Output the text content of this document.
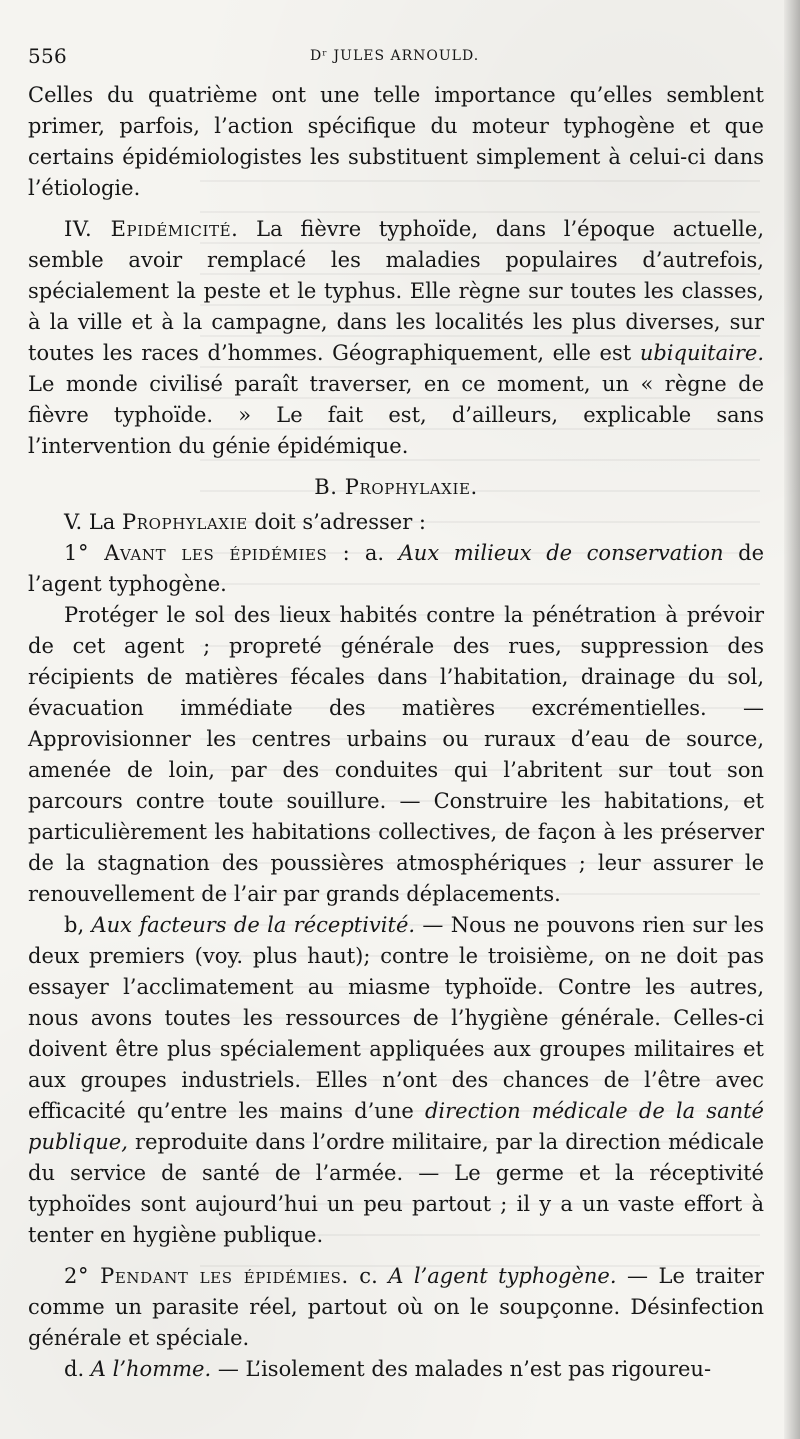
556	Dʳ JULES ARNOULD.

Celles du quatrième ont une telle importance qu’elles semblent primer, parfois, l’action spécifique du moteur typhogène et que certains épidémiologistes les substituent simplement à celui-ci dans l’étiologie.

IV. Epidémicité. La fièvre typhoïde, dans l’époque actuelle, semble avoir remplacé les maladies populaires d’autrefois, spécialement la peste et le typhus. Elle règne sur toutes les classes, à la ville et à la campagne, dans les localités les plus diverses, sur toutes les races d’hommes. Géographiquement, elle est ubiquitaire. Le monde civilisé paraît traverser, en ce moment, un « règne de fièvre typhoïde. » Le fait est, d’ailleurs, explicable sans l’intervention du génie épidémique.

B. Prophylaxie.

V. La Prophylaxie doit s’adresser :

1° Avant les épidémies : a. Aux milieux de conservation de l’agent typhogène.

Protéger le sol des lieux habités contre la pénétration à prévoir de cet agent ; propreté générale des rues, suppression des récipients de matières fécales dans l’habitation, drainage du sol, évacuation immédiate des matières excrémentielles. — Approvisionner les centres urbains ou ruraux d’eau de source, amenée de loin, par des conduites qui l’abritent sur tout son parcours contre toute souillure. — Construire les habitations, et particulièrement les habitations collectives, de façon à les préserver de la stagnation des poussières atmosphériques ; leur assurer le renouvellement de l’air par grands déplacements.

b, Aux facteurs de la réceptivité. — Nous ne pouvons rien sur les deux premiers (voy. plus haut); contre le troisième, on ne doit pas essayer l’acclimatement au miasme typhoïde. Contre les autres, nous avons toutes les ressources de l’hygiène générale. Celles-ci doivent être plus spécialement appliquées aux groupes militaires et aux groupes industriels. Elles n’ont des chances de l’être avec efficacité qu’entre les mains d’une direction médicale de la santé publique, reproduite dans l’ordre militaire, par la direction médicale du service de santé de l’armée. — Le germe et la réceptivité typhoïdes sont aujourd’hui un peu partout ; il y a un vaste effort à tenter en hygiène publique.

2° Pendant les épidémies. c. A l’agent typhogène. — Le traiter comme un parasite réel, partout où on le soupçonne. Désinfection générale et spéciale.

d. A l’homme. — L’isolement des malades n’est pas rigoureu-
